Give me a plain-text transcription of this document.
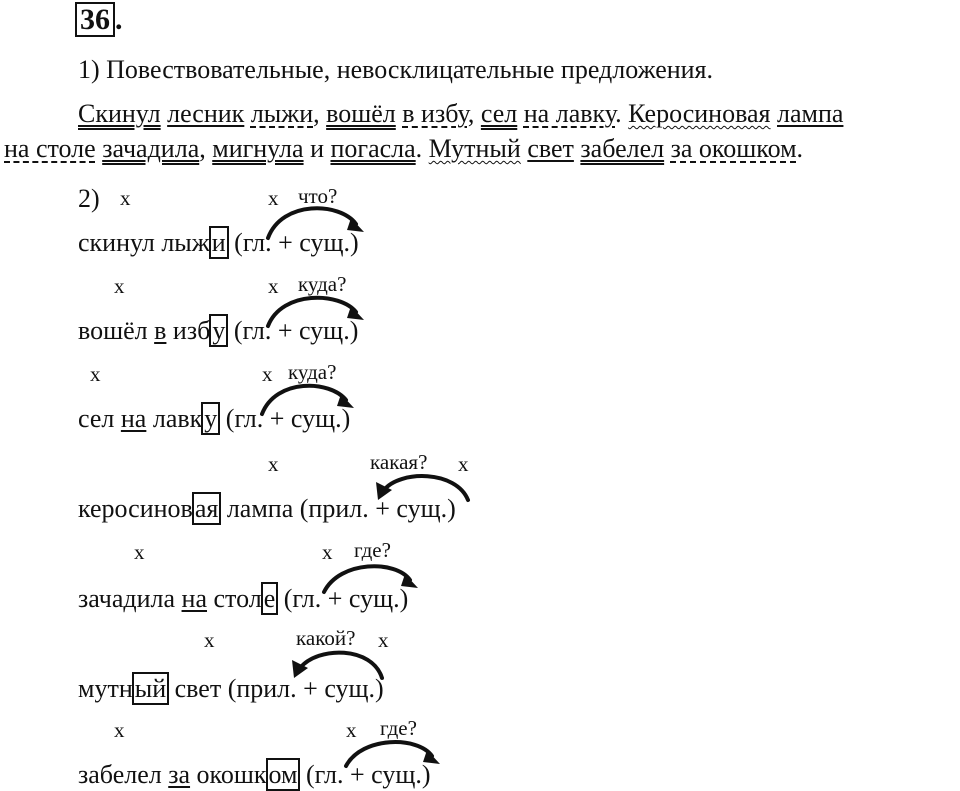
36 .
1) Повествовательные, невосклицательные предложения.
Скинул лесник лыжи, вошёл в избу, сел на лавку. Керосиновая лампа
на столе зачадила, мигнула и погасла. Мутный свет забелел за окошком.
2) x	x что?
скинул лыжи (гл. + сущ.)
x	x куда?
вошёл в избу (гл. + сущ.)
x	x куда?
сел на лавку (гл. + сущ.)
x	какая? x
керосиновая лампа (прил. + сущ.)
x	x где?
зачадила на столе (гл. + сущ.)
x	какой? x
мутный свет (прил. + сущ.)
x	x где?
забелел за окошком (гл. + сущ.)
